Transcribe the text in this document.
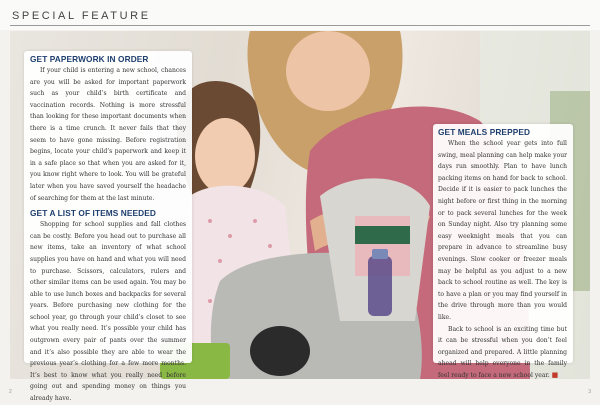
SPECIAL FEATURE
GET PAPERWORK IN ORDER

If your child is entering a new school, chances are you will be asked for important paperwork such as your child’s birth certificate and vaccination records. Nothing is more stressful than looking for these important documents when there is a time crunch. It never fails that they seem to have gone missing. Before registration begins, locate your child’s paperwork and keep it in a safe place so that when you are asked for it, you know right where to look. You will be grateful later when you have saved yourself the headache of searching for them at the last minute.

GET A LIST OF ITEMS NEEDED

Shopping for school supplies and fall clothes can be costly. Before you head out to purchase all new items, take an inventory of what school supplies you have on hand and what you will need to purchase. Scissors, calculators, rulers and other similar items can be used again. You may be able to use lunch boxes and backpacks for several years. Before purchasing new clothing for the school year, go through your child’s closet to see what you really need. It’s possible your child has outgrown every pair of pants over the summer and it’s also possible they are able to wear the previous year’s clothing for a few more months. It’s best to know what you really need before going out and spending money on things you already have.

GET MEALS PREPPED

When the school year gets into full swing, meal planning can help make your days run smoothly. Plan to have lunch packing items on hand for back to school. Decide if it is easier to pack lunches the night before or first thing in the morning or to pack several lunches for the week on Sunday night. Also try planning some easy weeknight meals that you can prepare in advance to streamline busy evenings. Slow cooker or freezer meals may be helpful as you adjust to a new back to school routine as well. The key is to have a plan or you may find yourself in the drive through more than you would like.

Back to school is an exciting time but it can be stressful when you don’t feel organized and prepared. A little planning ahead will help everyone in the family feel ready to face a new school year. ■

2	3
